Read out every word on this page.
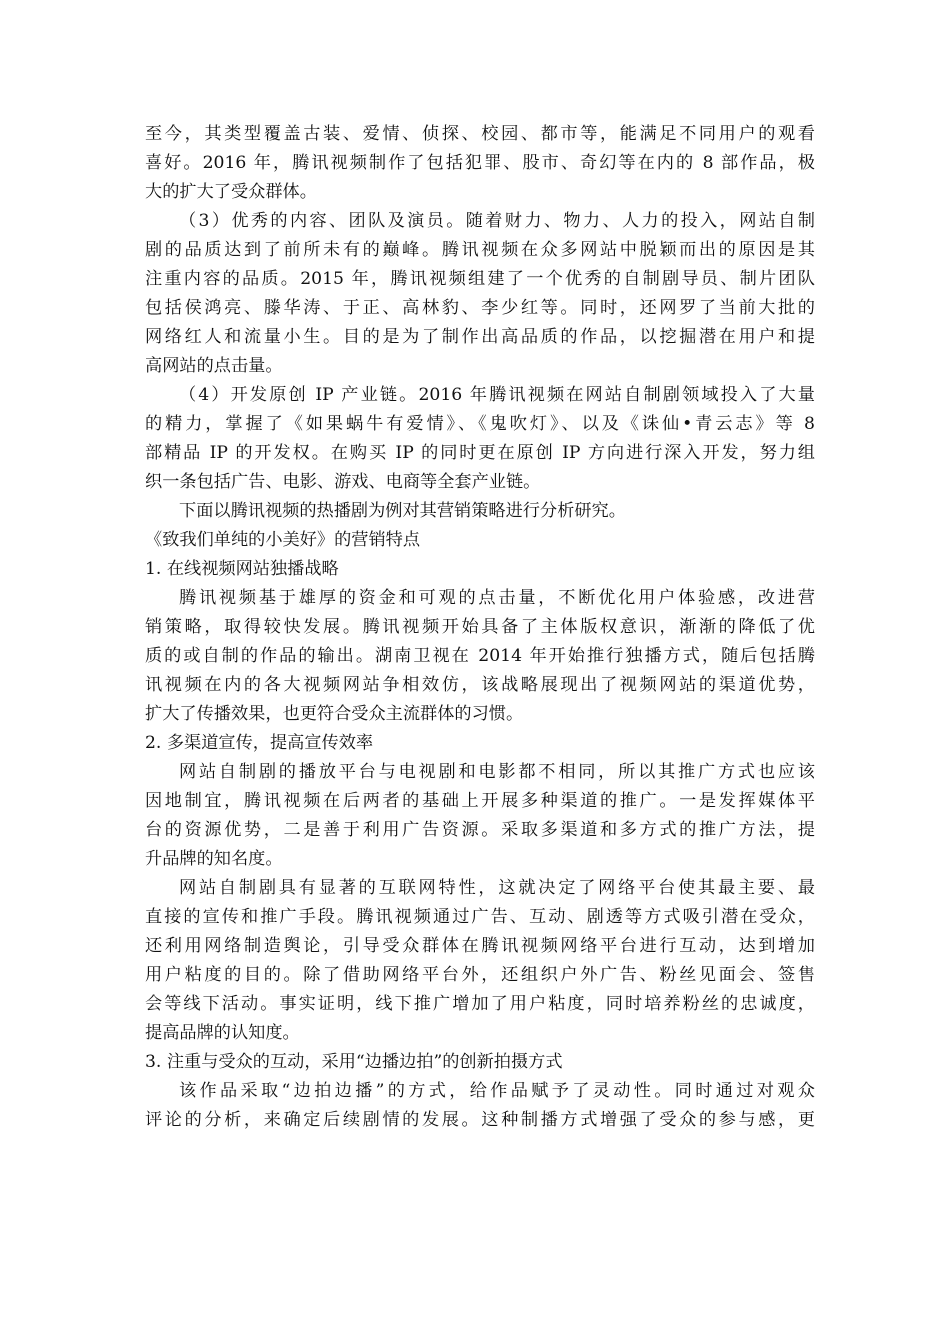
至今，其类型覆盖古装、爱情、侦探、校园、都市等，能满足不同用户的观看
喜好。2016 年，腾讯视频制作了包括犯罪、股市、奇幻等在内的 8 部作品，极
大的扩大了受众群体。
（3）优秀的内容、团队及演员。随着财力、物力、人力的投入，网站自制
剧的品质达到了前所未有的巅峰。腾讯视频在众多网站中脱颖而出的原因是其
注重内容的品质。2015 年，腾讯视频组建了一个优秀的自制剧导员、制片团队
包括侯鸿亮、滕华涛、于正、高林豹、李少红等。同时，还网罗了当前大批的
网络红人和流量小生。目的是为了制作出高品质的作品，以挖掘潜在用户和提
高网站的点击量。
（4）开发原创 IP 产业链。2016 年腾讯视频在网站自制剧领域投入了大量
的精力，掌握了《如果蜗牛有爱情》、《鬼吹灯》、以及《诛仙•青云志》等 8
部精品 IP 的开发权。在购买 IP 的同时更在原创 IP 方向进行深入开发，努力组
织一条包括广告、电影、游戏、电商等全套产业链。
下面以腾讯视频的热播剧为例对其营销策略进行分析研究。
《致我们单纯的小美好》的营销特点
1. 在线视频网站独播战略
腾讯视频基于雄厚的资金和可观的点击量，不断优化用户体验感，改进营
销策略，取得较快发展。腾讯视频开始具备了主体版权意识，渐渐的降低了优
质的或自制的作品的输出。湖南卫视在 2014 年开始推行独播方式，随后包括腾
讯视频在内的各大视频网站争相效仿，该战略展现出了视频网站的渠道优势，
扩大了传播效果，也更符合受众主流群体的习惯。
2. 多渠道宣传，提高宣传效率
网站自制剧的播放平台与电视剧和电影都不相同，所以其推广方式也应该
因地制宜，腾讯视频在后两者的基础上开展多种渠道的推广。一是发挥媒体平
台的资源优势，二是善于利用广告资源。采取多渠道和多方式的推广方法，提
升品牌的知名度。
网站自制剧具有显著的互联网特性，这就决定了网络平台使其最主要、最
直接的宣传和推广手段。腾讯视频通过广告、互动、剧透等方式吸引潜在受众，
还利用网络制造舆论，引导受众群体在腾讯视频网络平台进行互动，达到增加
用户粘度的目的。除了借助网络平台外，还组织户外广告、粉丝见面会、签售
会等线下活动。事实证明，线下推广增加了用户粘度，同时培养粉丝的忠诚度，
提高品牌的认知度。
3. 注重与受众的互动，采用“边播边拍”的创新拍摄方式
该作品采取“边拍边播”的方式，给作品赋予了灵动性。同时通过对观众
评论的分析，来确定后续剧情的发展。这种制播方式增强了受众的参与感，更
